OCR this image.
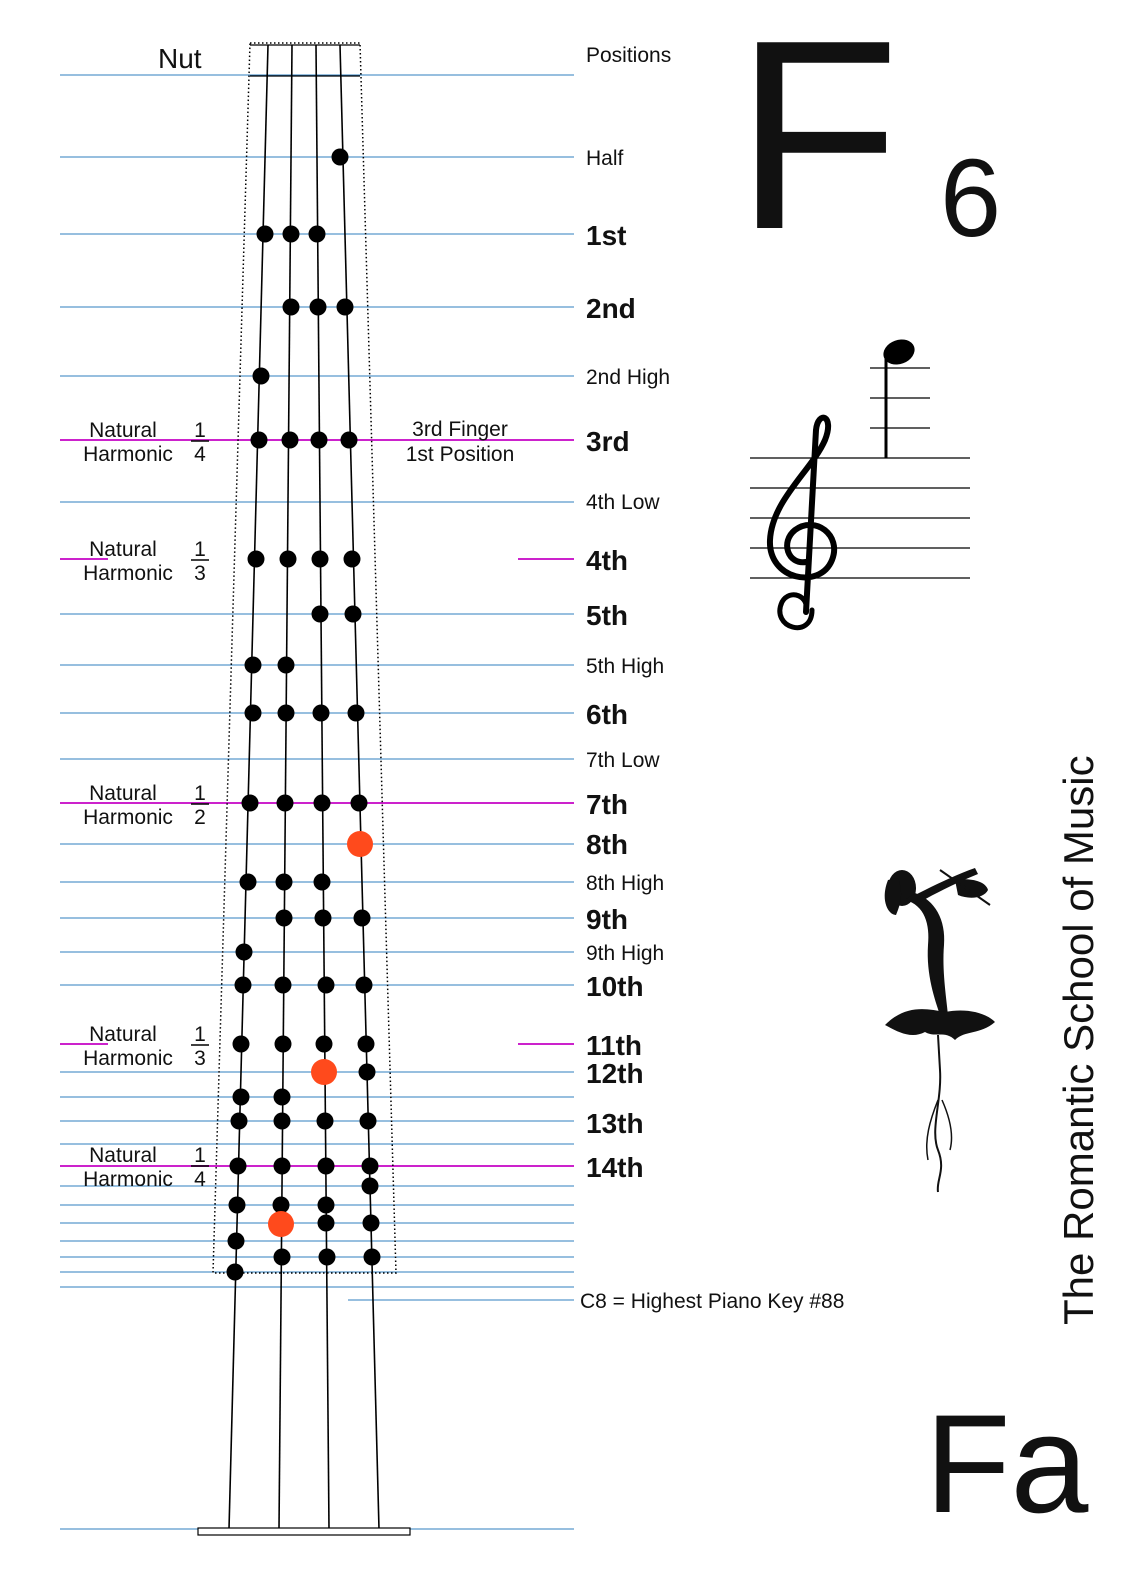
Nut	Positions
Half
1st
2nd
2nd High
3rd
4th Low
4th
5th
5th High
6th
7th Low
7th
8th
8th High
9th
9th High
10th
11th
12th
13th
14th
3rd Finger
1st Position
Natural
Harmonic
1
4
Natural
Harmonic
1
3
Natural
Harmonic
1
2
Natural
Harmonic
1
3
Natural
Harmonic
1
4
C8 = Highest Piano Key #88
F 6
The Romantic School of Music
Fa
